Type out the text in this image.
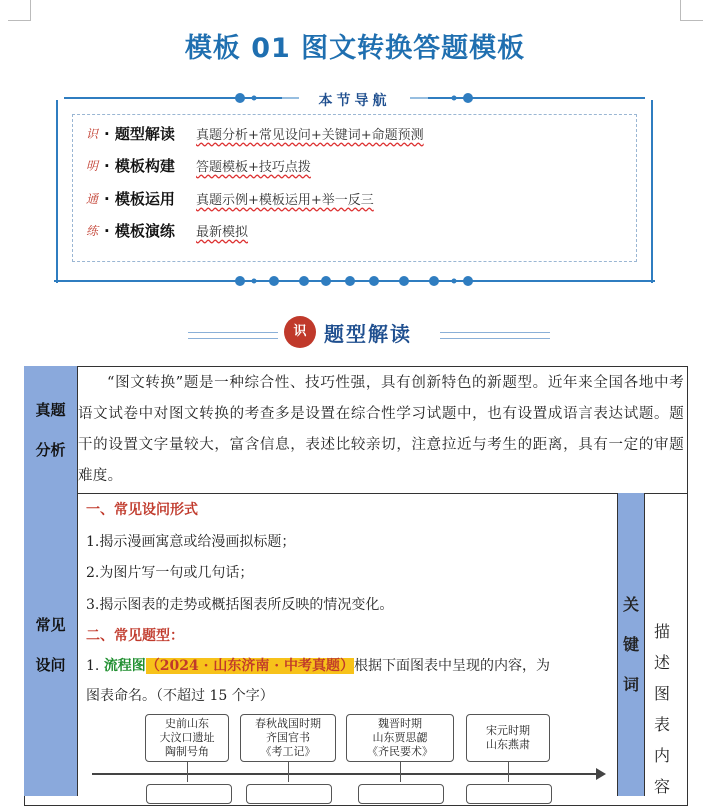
模板 01 图文转换答题模板
本节导航
识 · 题型解读 真题分析+常见设问+关键词+命题预测
明 · 模板构建 答题模板+技巧点拨
通 · 模板运用 真题示例+模板运用+举一反三
练 · 模板演练 最新模拟
识 题型解读
真题分析
“图文转换”题是一种综合性、技巧性强，具有创新特色的新题型。近年来全国各地中考语文试卷中对图文转换的考查多是设置在综合性学习试题中，也有设置成语言表达试题。题干的设置文字量较大，富含信息，表述比较亲切，注意拉近与考生的距离，具有一定的审题难度。
常见设问
一、常见设问形式
1.揭示漫画寓意或给漫画拟标题；
2.为图片写一句或几句话；
3.揭示图表的走势或概括图表所反映的情况变化。
二、常见题型：
1. 流程图（2024 · 山东济南 · 中考真题）根据下面图表中呈现的内容，为
图表命名。（不超过 15 个字）
史前山东
大汶口遗址
陶制号角
春秋战国时期
齐国官书
《考工记》
魏晋时期
山东贾思勰
《齐民要术》
宋元时期
山东燕肃
关
键
词
描
述
图
表
内
容
